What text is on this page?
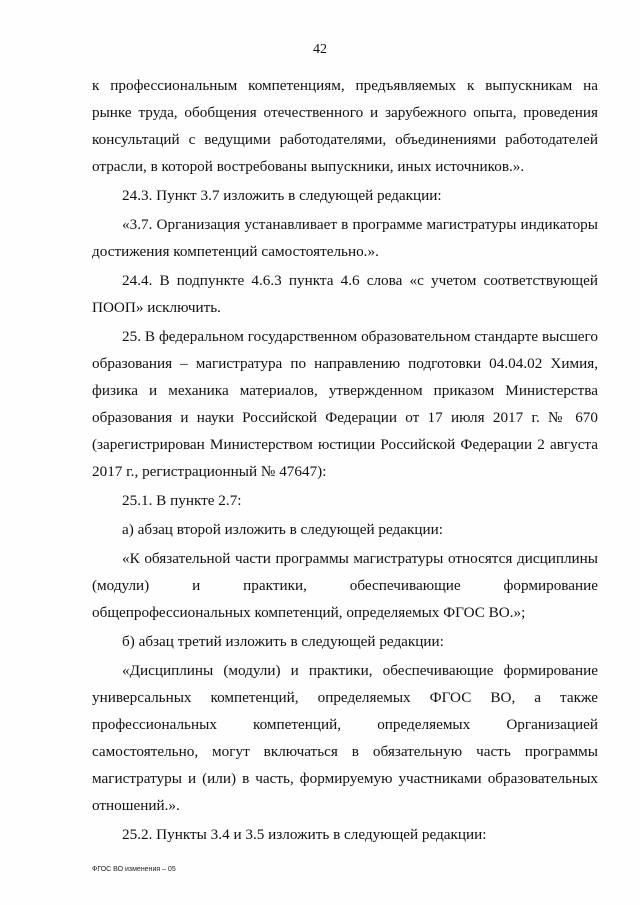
42

к профессиональным компетенциям, предъявляемых к выпускникам на рынке труда, обобщения отечественного и зарубежного опыта, проведения консультаций с ведущими работодателями, объединениями работодателей отрасли, в которой востребованы выпускники, иных источников.».

24.3. Пункт 3.7 изложить в следующей редакции:

«3.7. Организация устанавливает в программе магистратуры индикаторы достижения компетенций самостоятельно.».

24.4. В подпункте 4.6.3 пункта 4.6 слова «с учетом соответствующей ПООП» исключить.

25. В федеральном государственном образовательном стандарте высшего образования – магистратура по направлению подготовки 04.04.02 Химия, физика и механика материалов, утвержденном приказом Министерства образования и науки Российской Федерации от 17 июля 2017 г. № 670 (зарегистрирован Министерством юстиции Российской Федерации 2 августа 2017 г., регистрационный № 47647):

25.1. В пункте 2.7:

а) абзац второй изложить в следующей редакции:

«К обязательной части программы магистратуры относятся дисциплины (модули) и практики, обеспечивающие формирование общепрофессиональных компетенций, определяемых ФГОС ВО.»;

б) абзац третий изложить в следующей редакции:

«Дисциплины (модули) и практики, обеспечивающие формирование универсальных компетенций, определяемых ФГОС ВО, а также профессиональных компетенций, определяемых Организацией самостоятельно, могут включаться в обязательную часть программы магистратуры и (или) в часть, формируемую участниками образовательных отношений.».

25.2. Пункты 3.4 и 3.5 изложить в следующей редакции:

ФГОС ВО изменения – 05
